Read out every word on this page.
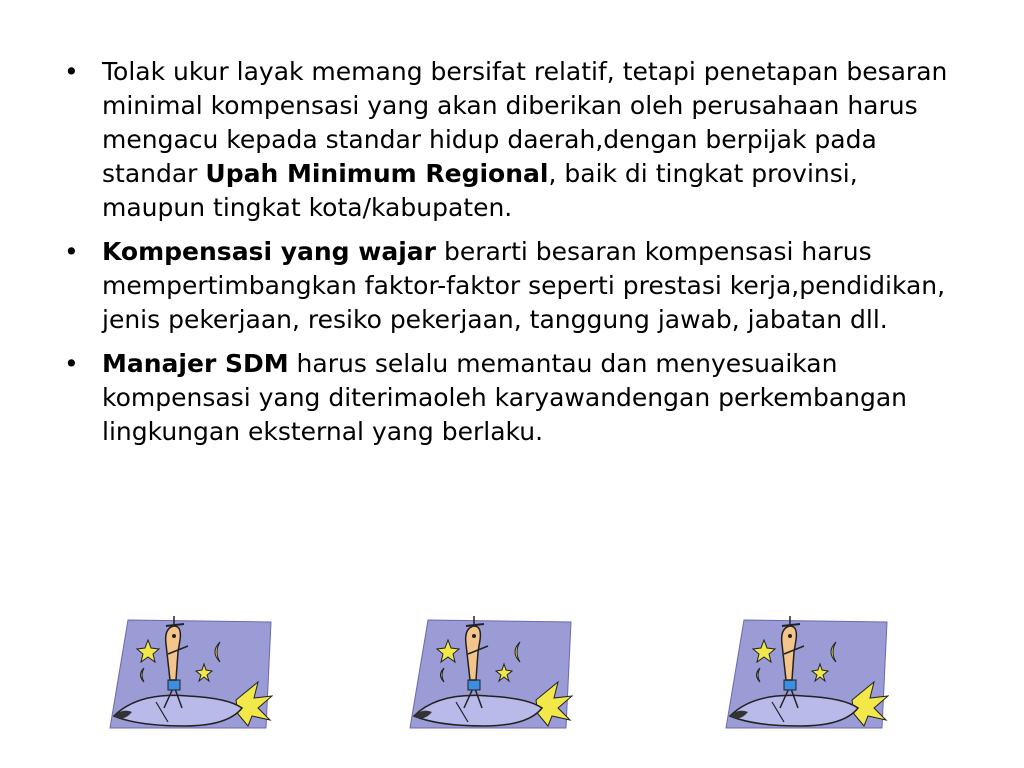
• Tolak ukur layak memang bersifat relatif, tetapi penetapan besaran minimal kompensasi yang akan diberikan oleh perusahaan harus mengacu kepada standar hidup daerah,dengan berpijak pada standar Upah Minimum Regional, baik di tingkat provinsi, maupun tingkat kota/kabupaten.
• Kompensasi yang wajar berarti besaran kompensasi harus mempertimbangkan faktor-faktor seperti prestasi kerja,pendidikan, jenis pekerjaan, resiko pekerjaan, tanggung jawab, jabatan dll.
• Manajer SDM harus selalu memantau dan menyesuaikan kompensasi yang diterimaoleh karyawandengan perkembangan lingkungan eksternal yang berlaku.
